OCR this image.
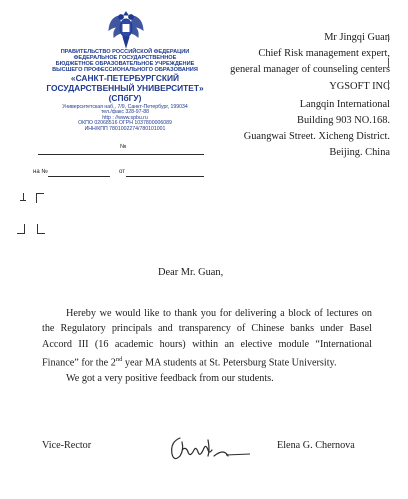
ПРАВИТЕЛЬСТВО РОССИЙСКОЙ ФЕДЕРАЦИИ
ФЕДЕРАЛЬНОЕ ГОСУДАРСТВЕННОЕ
БЮДЖЕТНОЕ ОБРАЗОВАТЕЛЬНОЕ УЧРЕЖДЕНИЕ
ВЫСШЕГО ПРОФЕССИОНАЛЬНОГО ОБРАЗОВАНИЯ
«САНКТ-ПЕТЕРБУРГСКИЙ
ГОСУДАРСТВЕННЫЙ УНИВЕРСИТЕТ»
(СПбГУ)
Университетская наб., 7/9, Санкт-Петербург, 199034
тел./факс 328-97-88
http : //www.spbu.ru
ОКПО 02068516 ОГРН 1037800006089
ИНН/КПП 7801002274/780101001
№
на №	от
Mr Jingqi Guan
Chief Risk management expert,
general manager of counseling centers
YGSOFT INC
Langqin International
Building 903 NO.168.
Guangwai Street. Xicheng District.
Beijing. China
Dear Mr. Guan,

Hereby we would like to thank you for delivering a block of lectures on the Regulatory principals and transparency of Chinese banks under Basel Accord III (16 academic hours) within an elective module “International Finance” for the 2nd year MA students at St. Petersburg State University.

We got a very positive feedback from our students.

Vice-Rector	Elena G. Chernova
